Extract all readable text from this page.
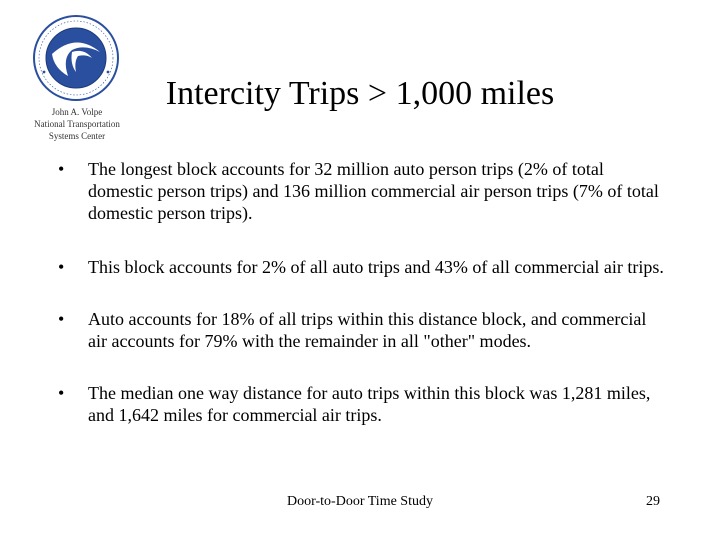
John A. Volpe
National Transportation
Systems Center
Intercity Trips > 1,000 miles
• The longest block accounts for 32 million auto person trips (2% of total domestic person trips) and 136 million commercial air person trips (7% of total domestic person trips).
• This block accounts for 2% of all auto trips and 43% of all commercial air trips.
• Auto accounts for 18% of all trips within this distance block, and commercial air accounts for 79% with the remainder in all "other" modes.
• The median one way distance for auto trips within this block was 1,281 miles, and 1,642 miles for commercial air trips.
Door-to-Door Time Study	29
